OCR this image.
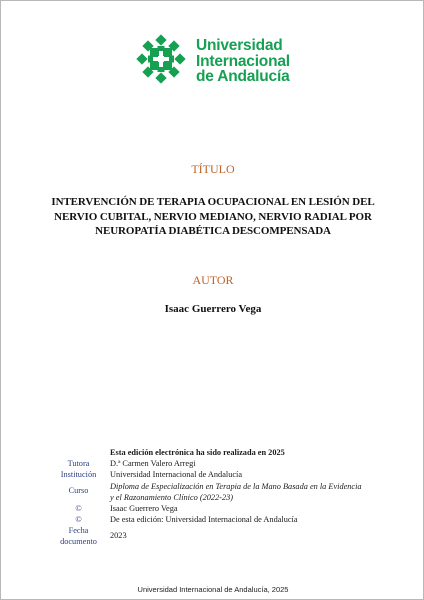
Universidad
Internacional
de Andalucía
TÍTULO
INTERVENCIÓN DE TERAPIA OCUPACIONAL EN LESIÓN DEL
NERVIO CUBITAL, NERVIO MEDIANO, NERVIO RADIAL POR
NEUROPATÍA DIABÉTICA DESCOMPENSADA
AUTOR
Isaac Guerrero Vega
Tutora
Institución
Curso
©
©
Fecha
documento
Esta edición electrónica ha sido realizada en 2025
D.ª Carmen Valero Arregi
Universidad Internacional de Andalucía
Diploma de Especialización en Terapia de la Mano Basada en la Evidencia
y el Razonamiento Clínico (2022-23)
Isaac Guerrero Vega
De esta edición: Universidad Internacional de Andalucía
2023
Universidad Internacional de Andalucía, 2025
